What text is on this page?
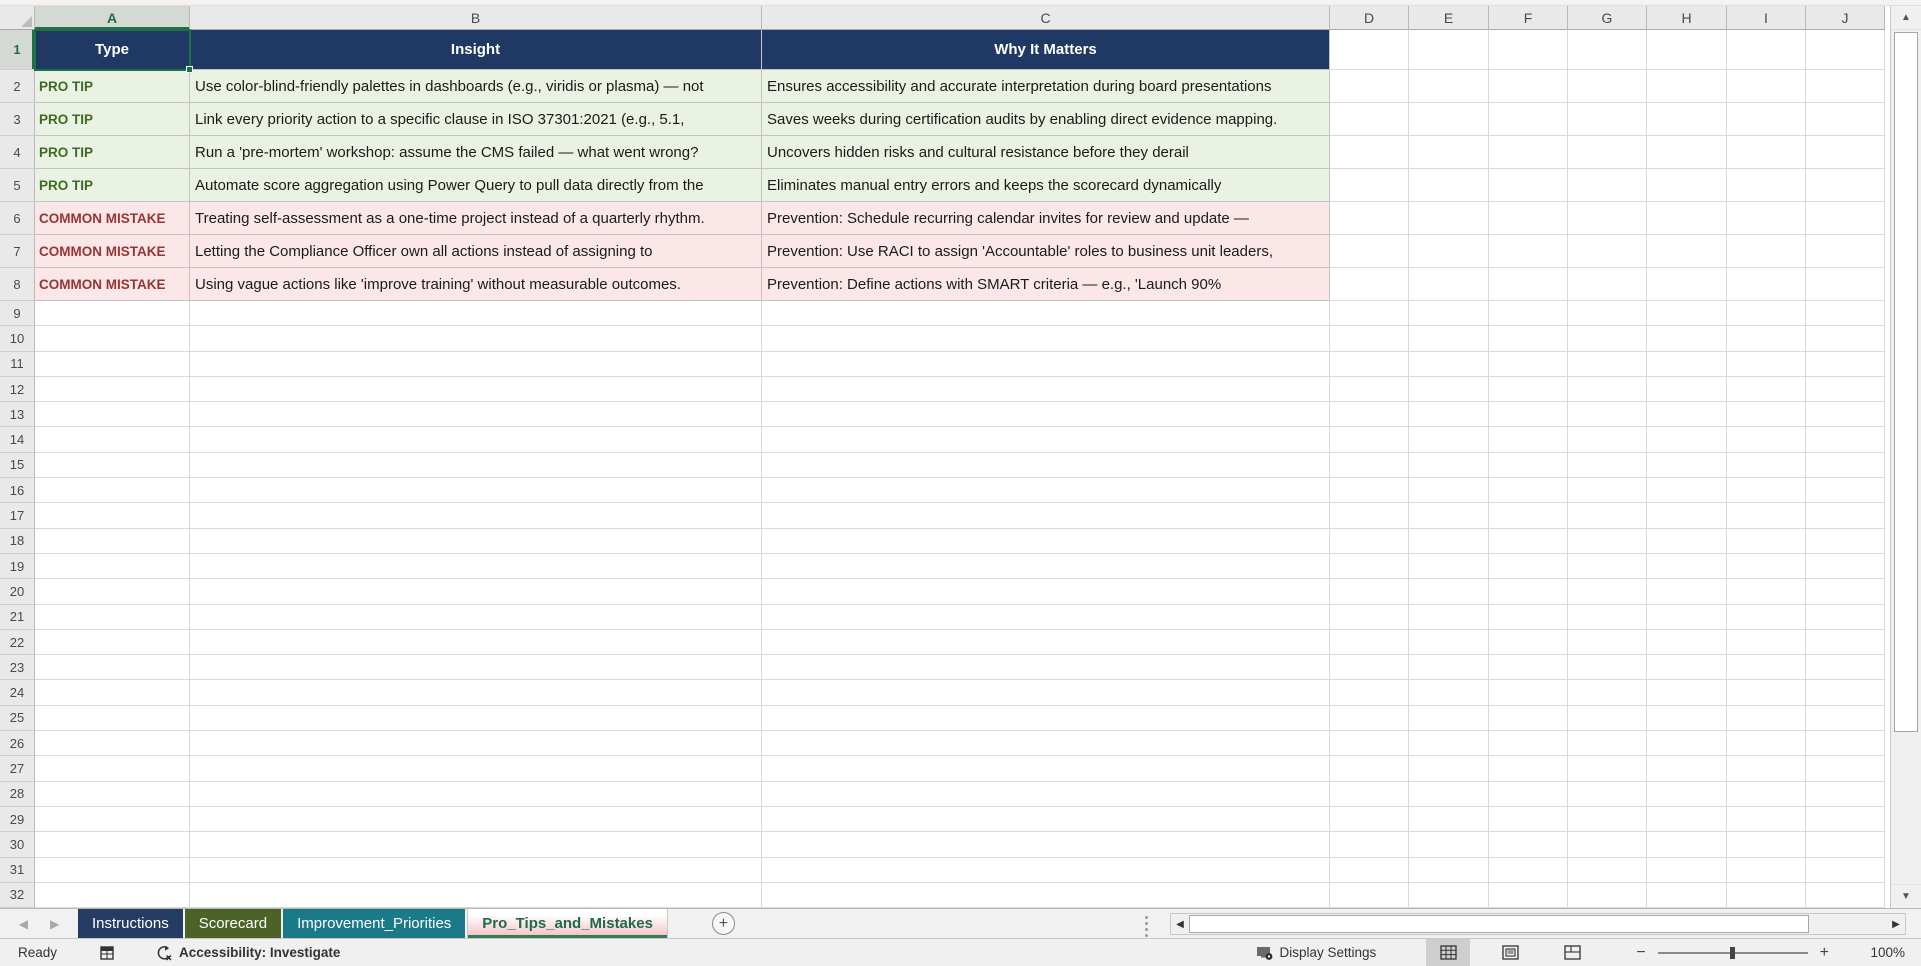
A	B	C	D	E	F	G	H	I	J
1	Type	Insight	Why It Matters
2	PRO TIP	Use color-blind-friendly palettes in dashboards (e.g., viridis or plasma) — not	Ensures accessibility and accurate interpretation during board presentations
3	PRO TIP	Link every priority action to a specific clause in ISO 37301:2021 (e.g., 5.1,	Saves weeks during certification audits by enabling direct evidence mapping.
4	PRO TIP	Run a 'pre-mortem' workshop: assume the CMS failed — what went wrong?	Uncovers hidden risks and cultural resistance before they derail
5	PRO TIP	Automate score aggregation using Power Query to pull data directly from the	Eliminates manual entry errors and keeps the scorecard dynamically
6	COMMON MISTAKE	Treating self-assessment as a one-time project instead of a quarterly rhythm.	Prevention: Schedule recurring calendar invites for review and update —
7	COMMON MISTAKE	Letting the Compliance Officer own all actions instead of assigning to	Prevention: Use RACI to assign 'Accountable' roles to business unit leaders,
8	COMMON MISTAKE	Using vague actions like 'improve training' without measurable outcomes.	Prevention: Define actions with SMART criteria — e.g., 'Launch 90%
9
10
11
12
13
14
15
16
17
18
19
20
21
22
23
24
25
26
27
28
29
30
31
32
▲
▼
◀ ▶	Instructions	Scorecard	Improvement_Priorities	Pro_Tips_and_Mistakes	+	◀	▶
Ready	Accessibility: Investigate	Display Settings	−	+	100%
